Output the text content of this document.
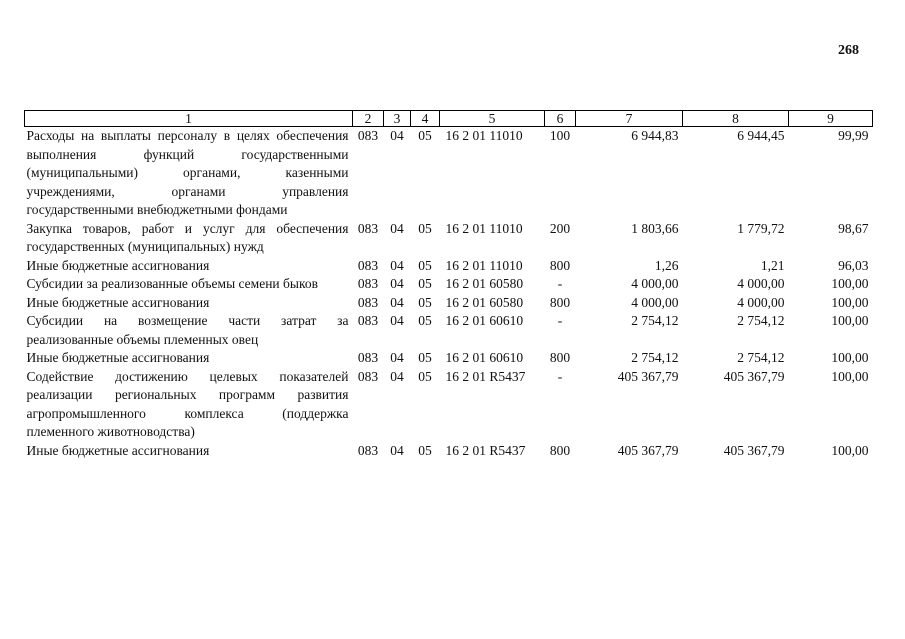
268
1	2	3	4	5	6	7	8	9
Расходы на выплаты персоналу в целях обеспечения выполнения функций государственными (муниципальными) органами, казенными учреждениями, органами управления государственными внебюджетными фондами	083	04	05	16 2 01 11010	100	6 944,83	6 944,45	99,99
Закупка товаров, работ и услуг для обеспечения государственных (муниципальных) нужд	083	04	05	16 2 01 11010	200	1 803,66	1 779,72	98,67
Иные бюджетные ассигнования	083	04	05	16 2 01 11010	800	1,26	1,21	96,03
Субсидии за реализованные объемы семени быков	083	04	05	16 2 01 60580	-	4 000,00	4 000,00	100,00
Иные бюджетные ассигнования	083	04	05	16 2 01 60580	800	4 000,00	4 000,00	100,00
Субсидии на возмещение части затрат за реализованные объемы племенных овец	083	04	05	16 2 01 60610	-	2 754,12	2 754,12	100,00
Иные бюджетные ассигнования	083	04	05	16 2 01 60610	800	2 754,12	2 754,12	100,00
Содействие достижению целевых показателей реализации региональных программ развития агропромышленного комплекса (поддержка племенного животноводства)	083	04	05	16 2 01 R5437	-	405 367,79	405 367,79	100,00
Иные бюджетные ассигнования	083	04	05	16 2 01 R5437	800	405 367,79	405 367,79	100,00
